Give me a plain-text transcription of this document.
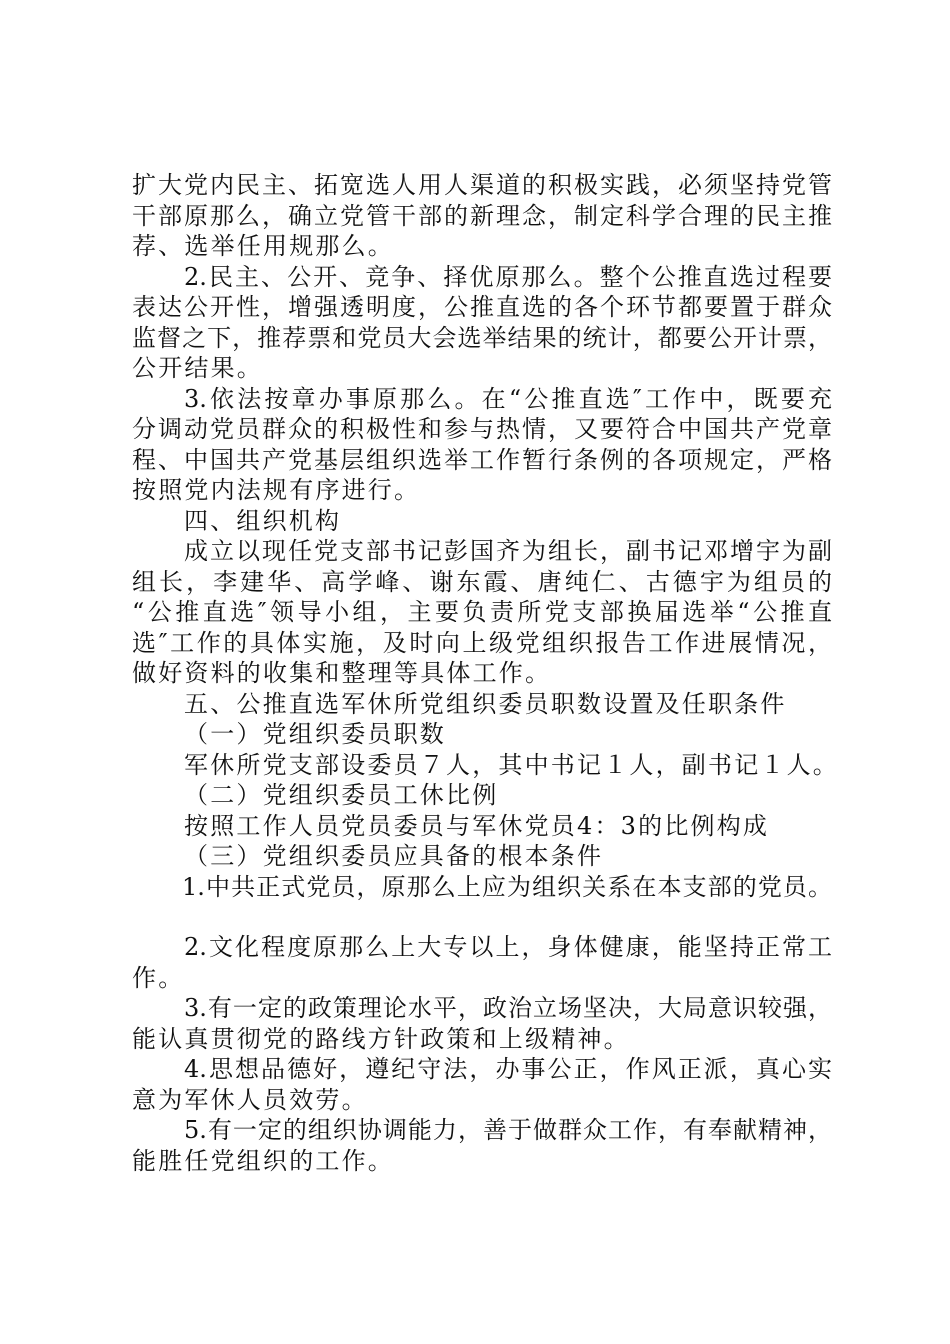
扩大党内民主、拓宽选人用人渠道的积极实践，必须坚持党管
干部原那么，确立党管干部的新理念，制定科学合理的民主推
荐、选举任用规那么。
2.民主、公开、竞争、择优原那么。整个公推直选过程要
表达公开性，增强透明度，公推直选的各个环节都要置于群众
监督之下，推荐票和党员大会选举结果的统计，都要公开计票，
公开结果。
3.依法按章办事原那么。在“公推直选″工作中，既要充
分调动党员群众的积极性和参与热情，又要符合中国共产党章
程、中国共产党基层组织选举工作暂行条例的各项规定，严格
按照党内法规有序进行。
四、组织机构
成立以现任党支部书记彭国齐为组长，副书记邓增宇为副
组长，李建华、高学峰、谢东霞、唐纯仁、古德宇为组员的
“公推直选″领导小组，主要负责所党支部换届选举“公推直
选″工作的具体实施，及时向上级党组织报告工作进展情况，
做好资料的收集和整理等具体工作。
五、公推直选军休所党组织委员职数设置及任职条件
（一）党组织委员职数
军休所党支部设委员７人，其中书记１人，副书记１人。
（二）党组织委员工休比例
按照工作人员党员委员与军休党员4：3的比例构成
（三）党组织委员应具备的根本条件
1.中共正式党员，原那么上应为组织关系在本支部的党员。
2.文化程度原那么上大专以上，身体健康，能坚持正常工
作。
3.有一定的政策理论水平，政治立场坚决，大局意识较强，
能认真贯彻党的路线方针政策和上级精神。
4.思想品德好，遵纪守法，办事公正，作风正派，真心实
意为军休人员效劳。
5.有一定的组织协调能力，善于做群众工作，有奉献精神，
能胜任党组织的工作。
